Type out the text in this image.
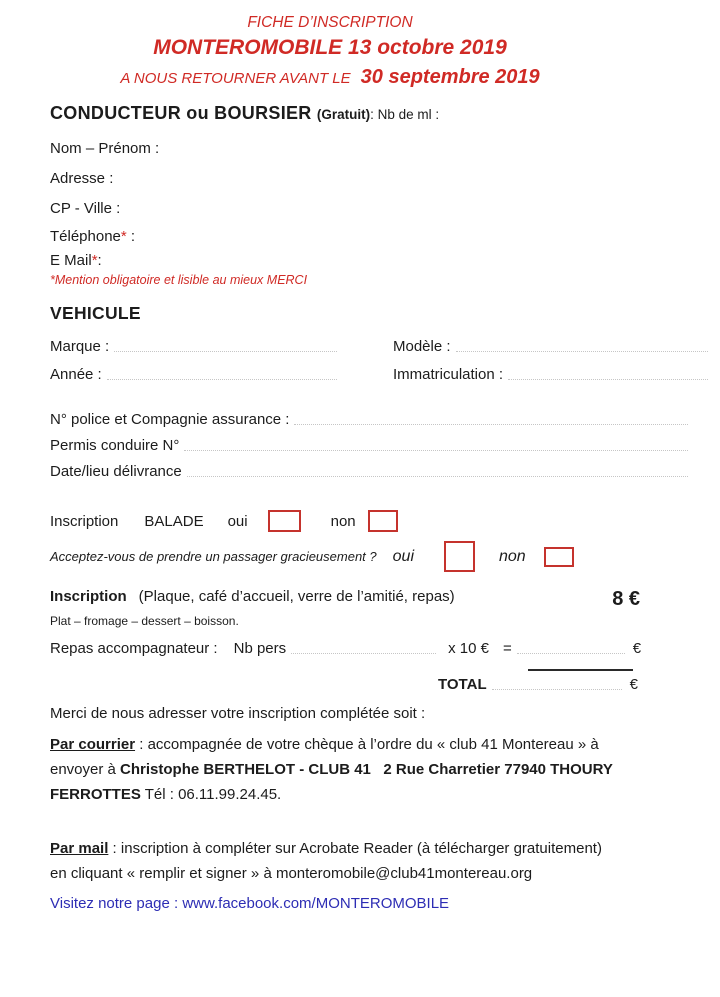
FICHE D’INSCRIPTION
MONTEROMOBILE 13 octobre 2019
A NOUS RETOURNER AVANT LE 30 septembre 2019
CONDUCTEUR ou BOURSIER (Gratuit): Nb de ml :
Nom – Prénom :
Adresse :
CP - Ville :
Téléphone* :
E Mail*:
*Mention obligatoire et lisible au mieux MERCI
VEHICULE
Marque :	Modèle :
Année :	Immatriculation :
N° police et Compagnie assurance :
Permis conduire N°
Date/lieu délivrance
Inscription BALADE oui	non
Acceptez-vous de prendre un passager gracieusement ? oui	non
Inscription (Plaque, café d’accueil, verre de l’amitié, repas)	8 €
Plat – fromage – dessert – boisson.
Repas accompagnateur : Nb pers	x 10 € =	€
TOTAL	€
Merci de nous adresser votre inscription complétée soit :
Par courrier : accompagnée de votre chèque à l’ordre du « club 41 Montereau » à
envoyer à Christophe BERTHELOT - CLUB 41   2 Rue Charretier 77940 THOURY
FERROTTES Tél : 06.11.99.24.45.
Par mail : inscription à compléter sur Acrobate Reader (à télécharger gratuitement)
en cliquant « remplir et signer » à monteromobile@club41montereau.org
Visitez notre page : www.facebook.com/MONTEROMOBILE
